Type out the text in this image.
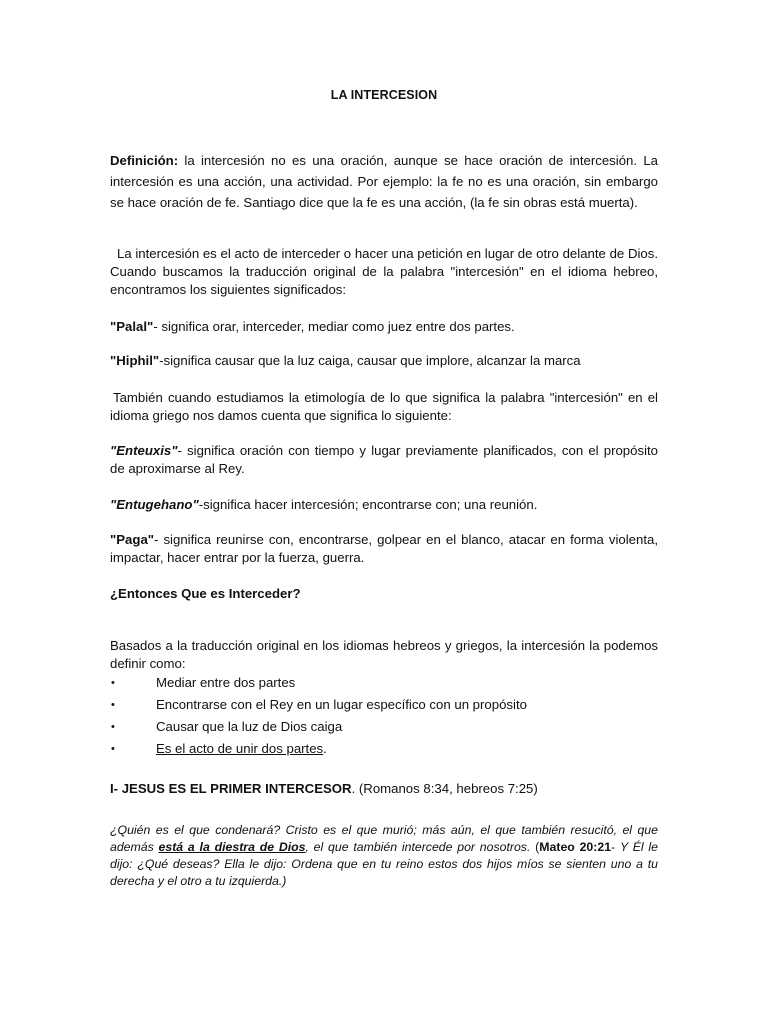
LA INTERCESION

Definición: la intercesión no es una oración, aunque se hace oración de intercesión. La intercesión es una acción, una actividad. Por ejemplo: la fe no es una oración, sin embargo se hace oración de fe. Santiago dice que la fe es una acción, (la fe sin obras está muerta).

La intercesión es el acto de interceder o hacer una petición en lugar de otro delante de Dios. Cuando buscamos la traducción original de la palabra "intercesión" en el idioma hebreo, encontramos los siguientes significados:

"Palal"- significa orar, interceder, mediar como juez entre dos partes.

"Hiphil"-significa causar que la luz caiga, causar que implore, alcanzar la marca

También cuando estudiamos la etimología de lo que significa la palabra "intercesión" en el idioma griego nos damos cuenta que significa lo siguiente:

"Enteuxis"- significa oración con tiempo y lugar previamente planificados, con el propósito de aproximarse al Rey.

"Entugehano"-significa hacer intercesión; encontrarse con; una reunión.

"Paga"- significa reunirse con, encontrarse, golpear en el blanco, atacar en forma violenta, impactar, hacer entrar por la fuerza, guerra.

¿Entonces Que es Interceder?

Basados a la traducción original en los idiomas hebreos y griegos, la intercesión la podemos definir como:

•	Mediar entre dos partes
•	Encontrarse con el Rey en un lugar específico con un propósito
•	Causar que la luz de Dios caiga
•	Es el acto de unir dos partes.

I- JESUS ES EL PRIMER INTERCESOR. (Romanos 8:34, hebreos 7:25)

¿Quién es el que condenará? Cristo es el que murió; más aún, el que también resucitó, el que además está a la diestra de Dios, el que también intercede por nosotros. (Mateo 20:21- Y Él le dijo: ¿Qué deseas? Ella le dijo: Ordena que en tu reino estos dos hijos míos se sienten uno a tu derecha y el otro a tu izquierda.)
